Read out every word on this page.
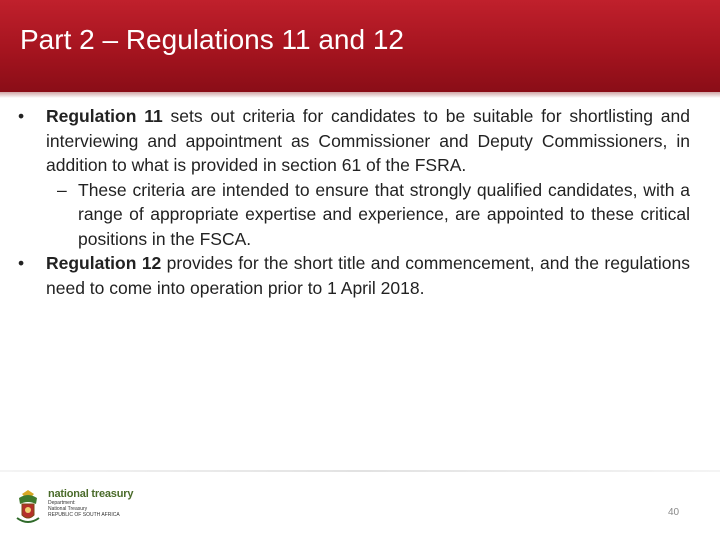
Part 2 – Regulations 11 and 12
• Regulation 11 sets out criteria for candidates to be suitable for shortlisting and interviewing and appointment as Commissioner and Deputy Commissioners, in addition to what is provided in section 61 of the FSRA.
– These criteria are intended to ensure that strongly qualified candidates, with a range of appropriate expertise and experience, are appointed to these critical positions in the FSCA.
• Regulation 12 provides for the short title and commencement, and the regulations need to come into operation prior to 1 April 2018.
national treasury
Department:
National Treasury
REPUBLIC OF SOUTH AFRICA	40
